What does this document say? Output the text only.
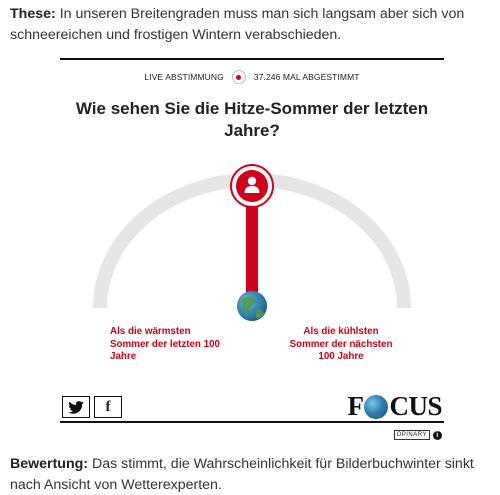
These: In unseren Breitengraden muss man sich langsam aber sich von schneereichen und frostigen Wintern verabschieden.
LIVE ABSTIMMUNG	37.246 MAL ABGESTIMMT
Wie sehen Sie die Hitze-Sommer der letzten Jahre?
Als die wärmsten Sommer der letzten 100 Jahre
Als die kühlsten Sommer der nächsten 100 Jahre
f	F CUS
OPINARY	i
Bewertung: Das stimmt, die Wahrscheinlichkeit für Bilderbuchwinter sinkt nach Ansicht von Wetterexperten.
